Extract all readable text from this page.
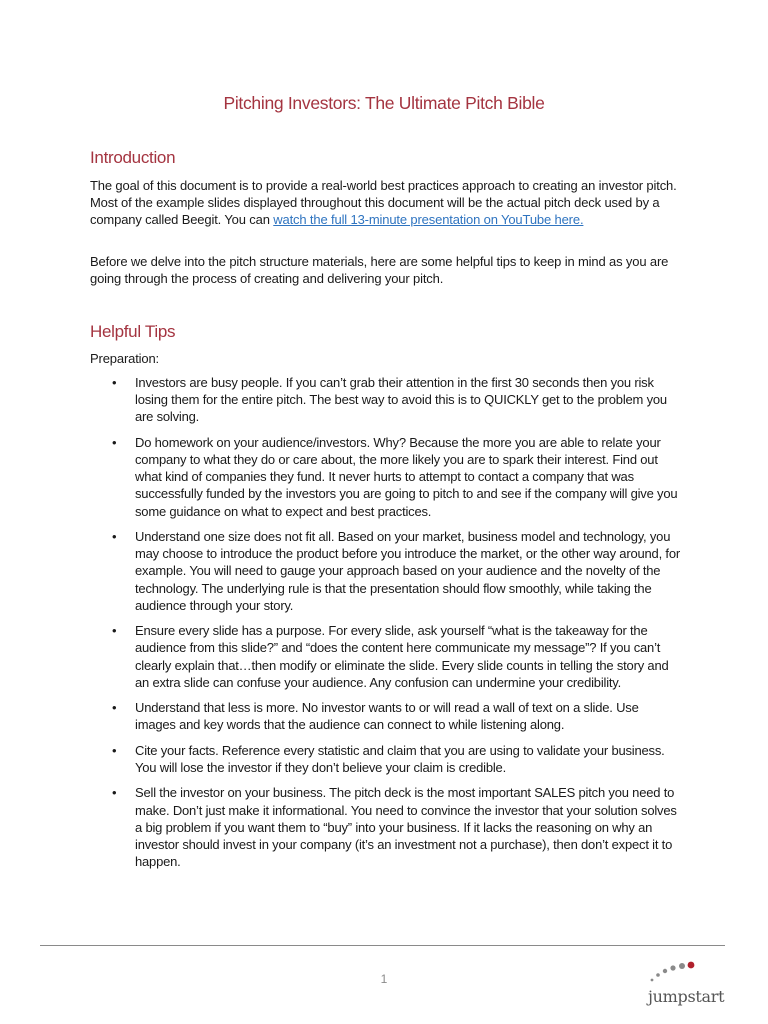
Pitching Investors: The Ultimate Pitch Bible
Introduction

The goal of this document is to provide a real-world best practices approach to creating an investor pitch. Most of the example slides displayed throughout this document will be the actual pitch deck used by a company called Beegit. You can watch the full 13-minute presentation on YouTube here.

Before we delve into the pitch structure materials, here are some helpful tips to keep in mind as you are going through the process of creating and delivering your pitch.

Helpful Tips
Preparation:
• Investors are busy people. If you can’t grab their attention in the first 30 seconds then you risk losing them for the entire pitch. The best way to avoid this is to QUICKLY get to the problem you are solving.
• Do homework on your audience/investors. Why? Because the more you are able to relate your company to what they do or care about, the more likely you are to spark their interest. Find out what kind of companies they fund. It never hurts to attempt to contact a company that was successfully funded by the investors you are going to pitch to and see if the company will give you some guidance on what to expect and best practices.
• Understand one size does not fit all. Based on your market, business model and technology, you may choose to introduce the product before you introduce the market, or the other way around, for example. You will need to gauge your approach based on your audience and the novelty of the technology. The underlying rule is that the presentation should flow smoothly, while taking the audience through your story.
• Ensure every slide has a purpose. For every slide, ask yourself “what is the takeaway for the audience from this slide?” and “does the content here communicate my message”? If you can’t clearly explain that…then modify or eliminate the slide. Every slide counts in telling the story and an extra slide can confuse your audience. Any confusion can undermine your credibility.
• Understand that less is more. No investor wants to or will read a wall of text on a slide. Use images and key words that the audience can connect to while listening along.
• Cite your facts. Reference every statistic and claim that you are using to validate your business. You will lose the investor if they don’t believe your claim is credible.
• Sell the investor on your business. The pitch deck is the most important SALES pitch you need to make. Don’t just make it informational. You need to convince the investor that your solution solves a big problem if you want them to “buy” into your business. If it lacks the reasoning on why an investor should invest in your company (it’s an investment not a purchase), then don’t expect it to happen.
1
jumpstart
